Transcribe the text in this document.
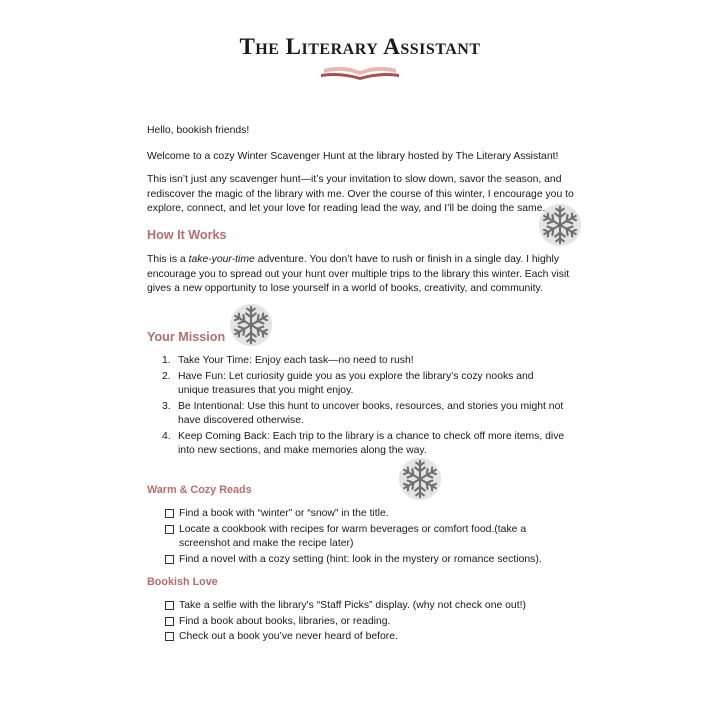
The Literary Assistant

Hello, bookish friends!

Welcome to a cozy Winter Scavenger Hunt at the library hosted by The Literary Assistant!

This isn’t just any scavenger hunt—it’s your invitation to slow down, savor the season, and rediscover the magic of the library with me. Over the course of this winter, I encourage you to explore, connect, and let your love for reading lead the way, and I’ll be doing the same.

How It Works

This is a take-your-time adventure. You don’t have to rush or finish in a single day. I highly encourage you to spread out your hunt over multiple trips to the library this winter. Each visit gives a new opportunity to lose yourself in a world of books, creativity, and community.

Your Mission
1. Take Your Time: Enjoy each task—no need to rush!
2. Have Fun: Let curiosity guide you as you explore the library’s cozy nooks and unique treasures that you might enjoy.
3. Be Intentional: Use this hunt to uncover books, resources, and stories you might not have discovered otherwise.
4. Keep Coming Back: Each trip to the library is a chance to check off more items, dive into new sections, and make memories along the way.
Warm & Cozy Reads
Find a book with “winter” or “snow” in the title.
Locate a cookbook with recipes for warm beverages or comfort food.(take a screenshot and make the recipe later)
Find a novel with a cozy setting (hint: look in the mystery or romance sections).
Bookish Love
Take a selfie with the library's “Staff Picks” display. (why not check one out!)
Find a book about books, libraries, or reading.
Check out a book you’ve never heard of before.
